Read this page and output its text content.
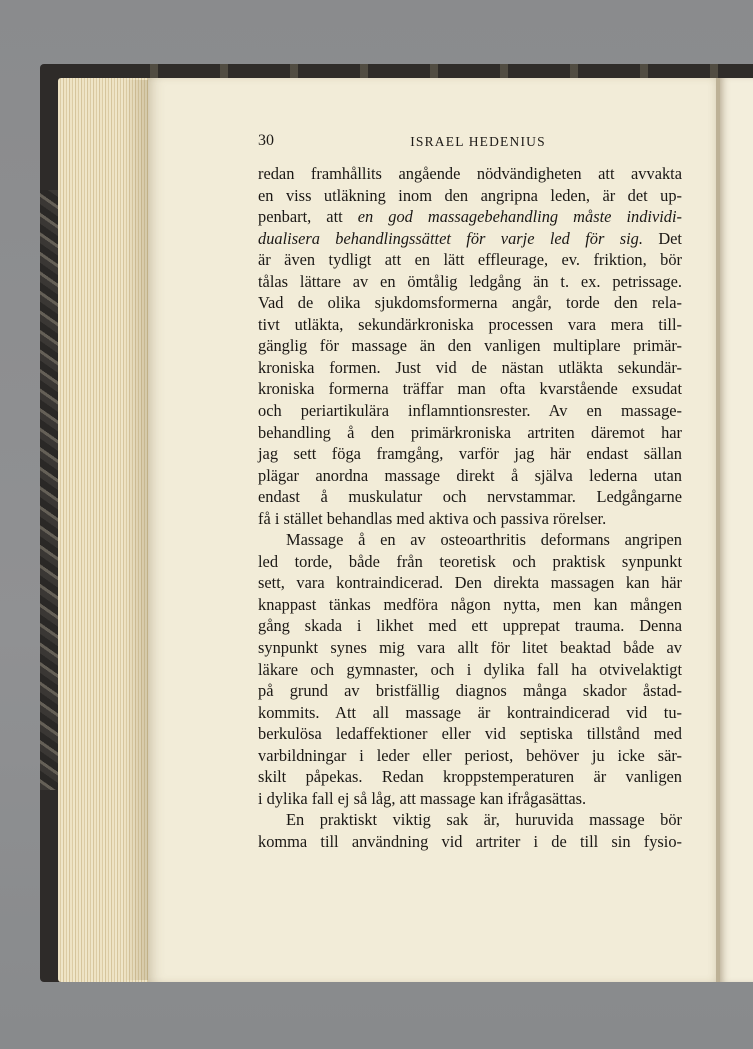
30	ISRAEL HEDENIUS
redan framhållits angående nödvändigheten att avvakta
en viss utläkning inom den angripna leden, är det up-
penbart, att en god massagebehandling måste individi-
dualisera behandlingssättet för varje led för sig. Det
är även tydligt att en lätt effleurage, ev. friktion, bör
tålas lättare av en ömtålig ledgång än t. ex. petrissage.
Vad de olika sjukdomsformerna angår, torde den rela-
tivt utläkta, sekundärkroniska processen vara mera till-
gänglig för massage än den vanligen multiplare primär-
kroniska formen. Just vid de nästan utläkta sekundär-
kroniska formerna träffar man ofta kvarstående exsudat
och periartikulära inflamntionsrester. Av en massage-
behandling å den primärkroniska artriten däremot har
jag sett föga framgång, varför jag här endast sällan
plägar anordna massage direkt å själva lederna utan
endast å muskulatur och nervstammar. Ledgångarne
få i stället behandlas med aktiva och passiva rörelser.
Massage å en av osteoarthritis deformans angripen
led torde, både från teoretisk och praktisk synpunkt
sett, vara kontraindicerad. Den direkta massagen kan här
knappast tänkas medföra någon nytta, men kan mången
gång skada i likhet med ett upprepat trauma. Denna
synpunkt synes mig vara allt för litet beaktad både av
läkare och gymnaster, och i dylika fall ha otvivelaktigt
på grund av bristfällig diagnos många skador åstad-
kommits. Att all massage är kontraindicerad vid tu-
berkulösa ledaffektioner eller vid septiska tillstånd med
varbildningar i leder eller periost, behöver ju icke sär-
skilt påpekas. Redan kroppstemperaturen är vanligen
i dylika fall ej så låg, att massage kan ifrågasättas.
En praktiskt viktig sak är, huruvida massage bör
komma till användning vid artriter i de till sin fysio-
